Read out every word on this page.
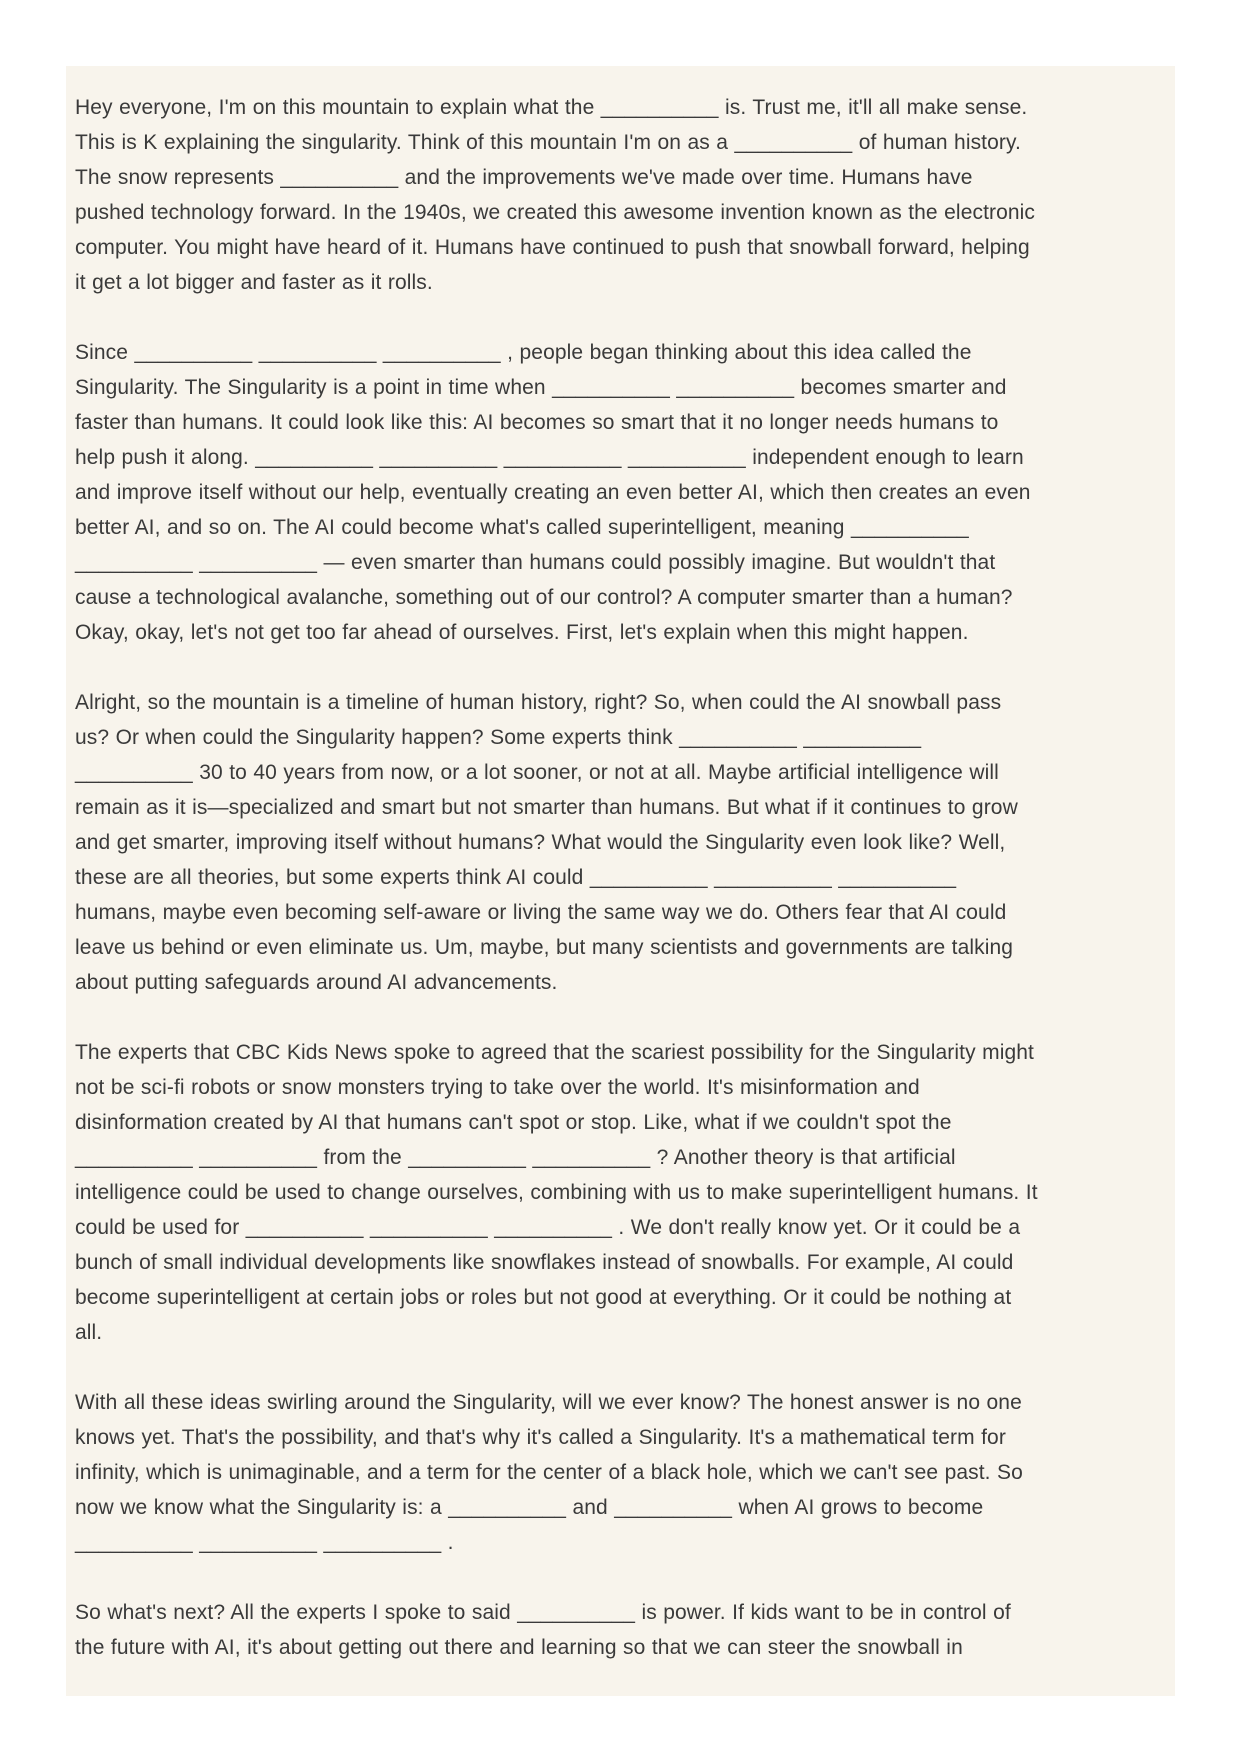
Hey everyone, I'm on this mountain to explain what the __________ is. Trust me, it'll all make sense. This is K explaining the singularity. Think of this mountain I'm on as a __________ of human history. The snow represents __________ and the improvements we've made over time. Humans have pushed technology forward. In the 1940s, we created this awesome invention known as the electronic computer. You might have heard of it. Humans have continued to push that snowball forward, helping it get a lot bigger and faster as it rolls.

Since __________ __________ __________ , people began thinking about this idea called the Singularity. The Singularity is a point in time when __________ __________ becomes smarter and faster than humans. It could look like this: AI becomes so smart that it no longer needs humans to help push it along. __________ __________ __________ __________ independent enough to learn and improve itself without our help, eventually creating an even better AI, which then creates an even better AI, and so on. The AI could become what's called superintelligent, meaning __________ __________ __________ — even smarter than humans could possibly imagine. But wouldn't that cause a technological avalanche, something out of our control? A computer smarter than a human? Okay, okay, let's not get too far ahead of ourselves. First, let's explain when this might happen.

Alright, so the mountain is a timeline of human history, right? So, when could the AI snowball pass us? Or when could the Singularity happen? Some experts think __________ __________ __________ 30 to 40 years from now, or a lot sooner, or not at all. Maybe artificial intelligence will remain as it is—specialized and smart but not smarter than humans. But what if it continues to grow and get smarter, improving itself without humans? What would the Singularity even look like? Well, these are all theories, but some experts think AI could __________ __________ __________ humans, maybe even becoming self-aware or living the same way we do. Others fear that AI could leave us behind or even eliminate us. Um, maybe, but many scientists and governments are talking about putting safeguards around AI advancements.

The experts that CBC Kids News spoke to agreed that the scariest possibility for the Singularity might not be sci-fi robots or snow monsters trying to take over the world. It's misinformation and disinformation created by AI that humans can't spot or stop. Like, what if we couldn't spot the __________ __________ from the __________ __________ ? Another theory is that artificial intelligence could be used to change ourselves, combining with us to make superintelligent humans. It could be used for __________ __________ __________ . We don't really know yet. Or it could be a bunch of small individual developments like snowflakes instead of snowballs. For example, AI could become superintelligent at certain jobs or roles but not good at everything. Or it could be nothing at all.

With all these ideas swirling around the Singularity, will we ever know? The honest answer is no one knows yet. That's the possibility, and that's why it's called a Singularity. It's a mathematical term for infinity, which is unimaginable, and a term for the center of a black hole, which we can't see past. So now we know what the Singularity is: a __________ and __________ when AI grows to become __________ __________ __________ .

So what's next? All the experts I spoke to said __________ is power. If kids want to be in control of the future with AI, it's about getting out there and learning so that we can steer the snowball in
